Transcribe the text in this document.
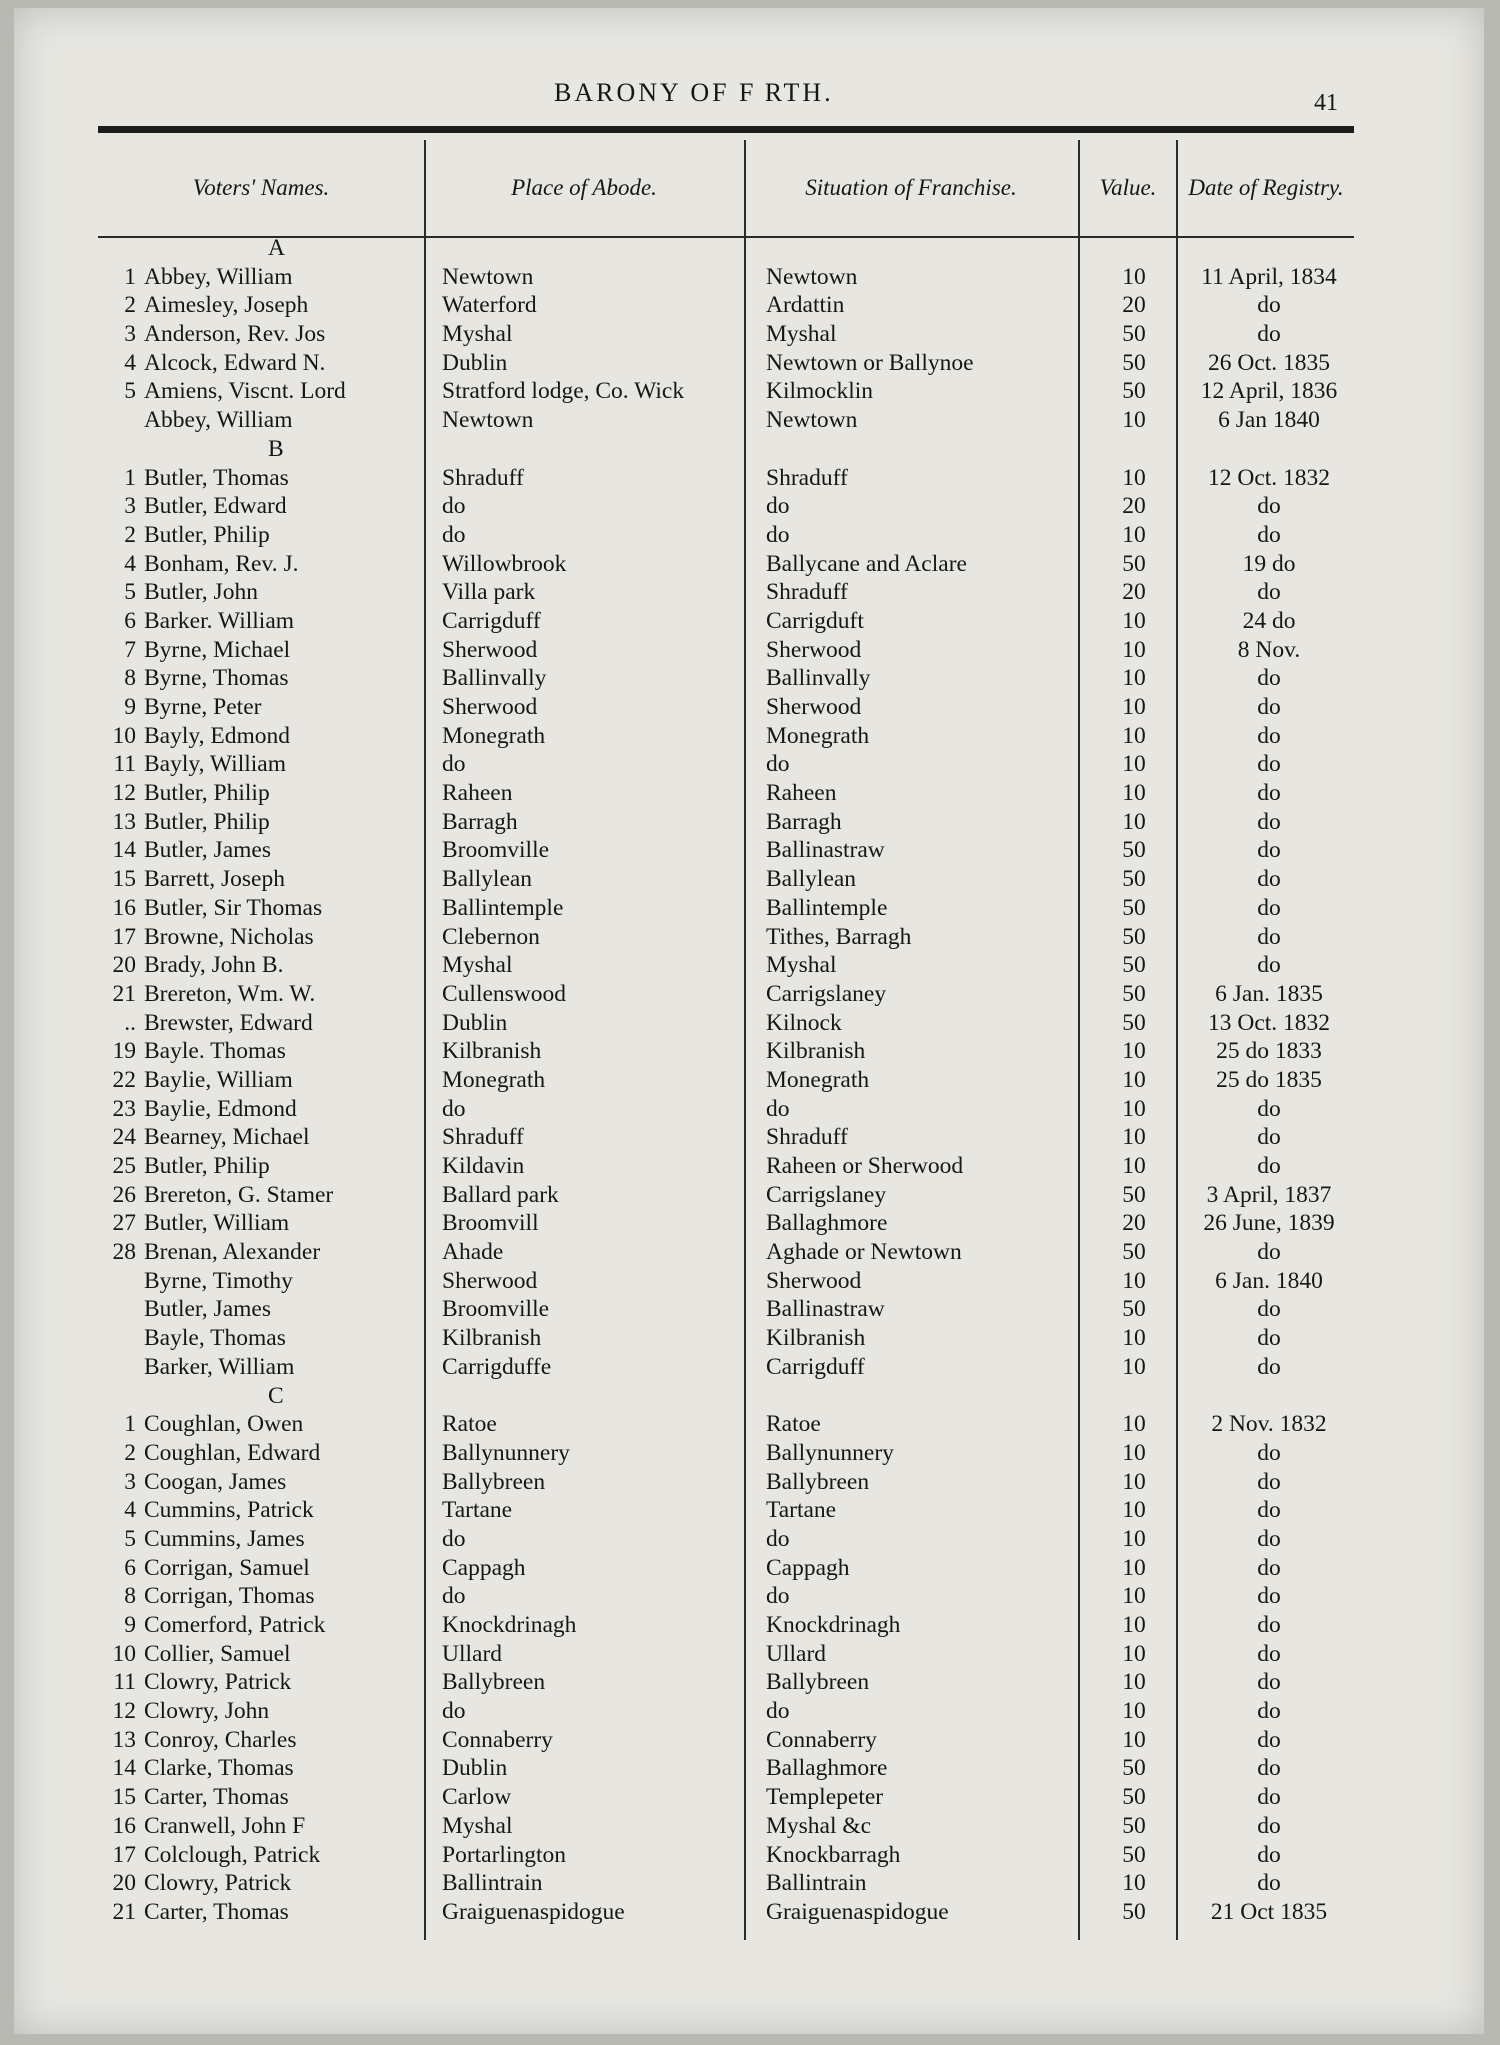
BARONY OF F RTH.	41
Voters' Names.	Place of Abode.	Situation of Franchise.	Value.	Date of Registry.
A
1 Abbey, William	Newtown	Newtown	10	11 April, 1834
2 Aimesley, Joseph	Waterford	Ardattin	20	do
3 Anderson, Rev. Jos	Myshal	Myshal	50	do
4 Alcock, Edward N.	Dublin	Newtown or Ballynoe	50	26 Oct. 1835
5 Amiens, Viscnt. Lord	Stratford lodge, Co. Wick	Kilmocklin	50	12 April, 1836
Abbey, William	Newtown	Newtown	10	6 Jan 1840
B
1 Butler, Thomas	Shraduff	Shraduff	10	12 Oct. 1832
3 Butler, Edward	do	do	20	do
2 Butler, Philip	do	do	10	do
4 Bonham, Rev. J.	Willowbrook	Ballycane and Aclare	50	19 do
5 Butler, John	Villa park	Shraduff	20	do
6 Barker. William	Carrigduff	Carrigduft	10	24 do
7 Byrne, Michael	Sherwood	Sherwood	10	8 Nov.
8 Byrne, Thomas	Ballinvally	Ballinvally	10	do
9 Byrne, Peter	Sherwood	Sherwood	10	do
10 Bayly, Edmond	Monegrath	Monegrath	10	do
11 Bayly, William	do	do	10	do
12 Butler, Philip	Raheen	Raheen	10	do
13 Butler, Philip	Barragh	Barragh	10	do
14 Butler, James	Broomville	Ballinastraw	50	do
15 Barrett, Joseph	Ballylean	Ballylean	50	do
16 Butler, Sir Thomas	Ballintemple	Ballintemple	50	do
17 Browne, Nicholas	Clebernon	Tithes, Barragh	50	do
20 Brady, John B.	Myshal	Myshal	50	do
21 Brereton, Wm. W.	Cullenswood	Carrigslaney	50	6 Jan. 1835
.. Brewster, Edward	Dublin	Kilnock	50	13 Oct. 1832
19 Bayle. Thomas	Kilbranish	Kilbranish	10	25 do 1833
22 Baylie, William	Monegrath	Monegrath	10	25 do 1835
23 Baylie, Edmond	do	do	10	do
24 Bearney, Michael	Shraduff	Shraduff	10	do
25 Butler, Philip	Kildavin	Raheen or Sherwood	10	do
26 Brereton, G. Stamer	Ballard park	Carrigslaney	50	3 April, 1837
27 Butler, William	Broomvill	Ballaghmore	20	26 June, 1839
28 Brenan, Alexander	Ahade	Aghade or Newtown	50	do
Byrne, Timothy	Sherwood	Sherwood	10	6 Jan. 1840
Butler, James	Broomville	Ballinastraw	50	do
Bayle, Thomas	Kilbranish	Kilbranish	10	do
Barker, William	Carrigduffe	Carrigduff	10	do
C
1 Coughlan, Owen	Ratoe	Ratoe	10	2 Nov. 1832
2 Coughlan, Edward	Ballynunnery	Ballynunnery	10	do
3 Coogan, James	Ballybreen	Ballybreen	10	do
4 Cummins, Patrick	Tartane	Tartane	10	do
5 Cummins, James	do	do	10	do
6 Corrigan, Samuel	Cappagh	Cappagh	10	do
8 Corrigan, Thomas	do	do	10	do
9 Comerford, Patrick	Knockdrinagh	Knockdrinagh	10	do
10 Collier, Samuel	Ullard	Ullard	10	do
11 Clowry, Patrick	Ballybreen	Ballybreen	10	do
12 Clowry, John	do	do	10	do
13 Conroy, Charles	Connaberry	Connaberry	10	do
14 Clarke, Thomas	Dublin	Ballaghmore	50	do
15 Carter, Thomas	Carlow	Templepeter	50	do
16 Cranwell, John F	Myshal	Myshal &c	50	do
17 Colclough, Patrick	Portarlington	Knockbarragh	50	do
20 Clowry, Patrick	Ballintrain	Ballintrain	10	do
21 Carter, Thomas	Graiguenaspidogue	Graiguenaspidogue	50	21 Oct 1835
